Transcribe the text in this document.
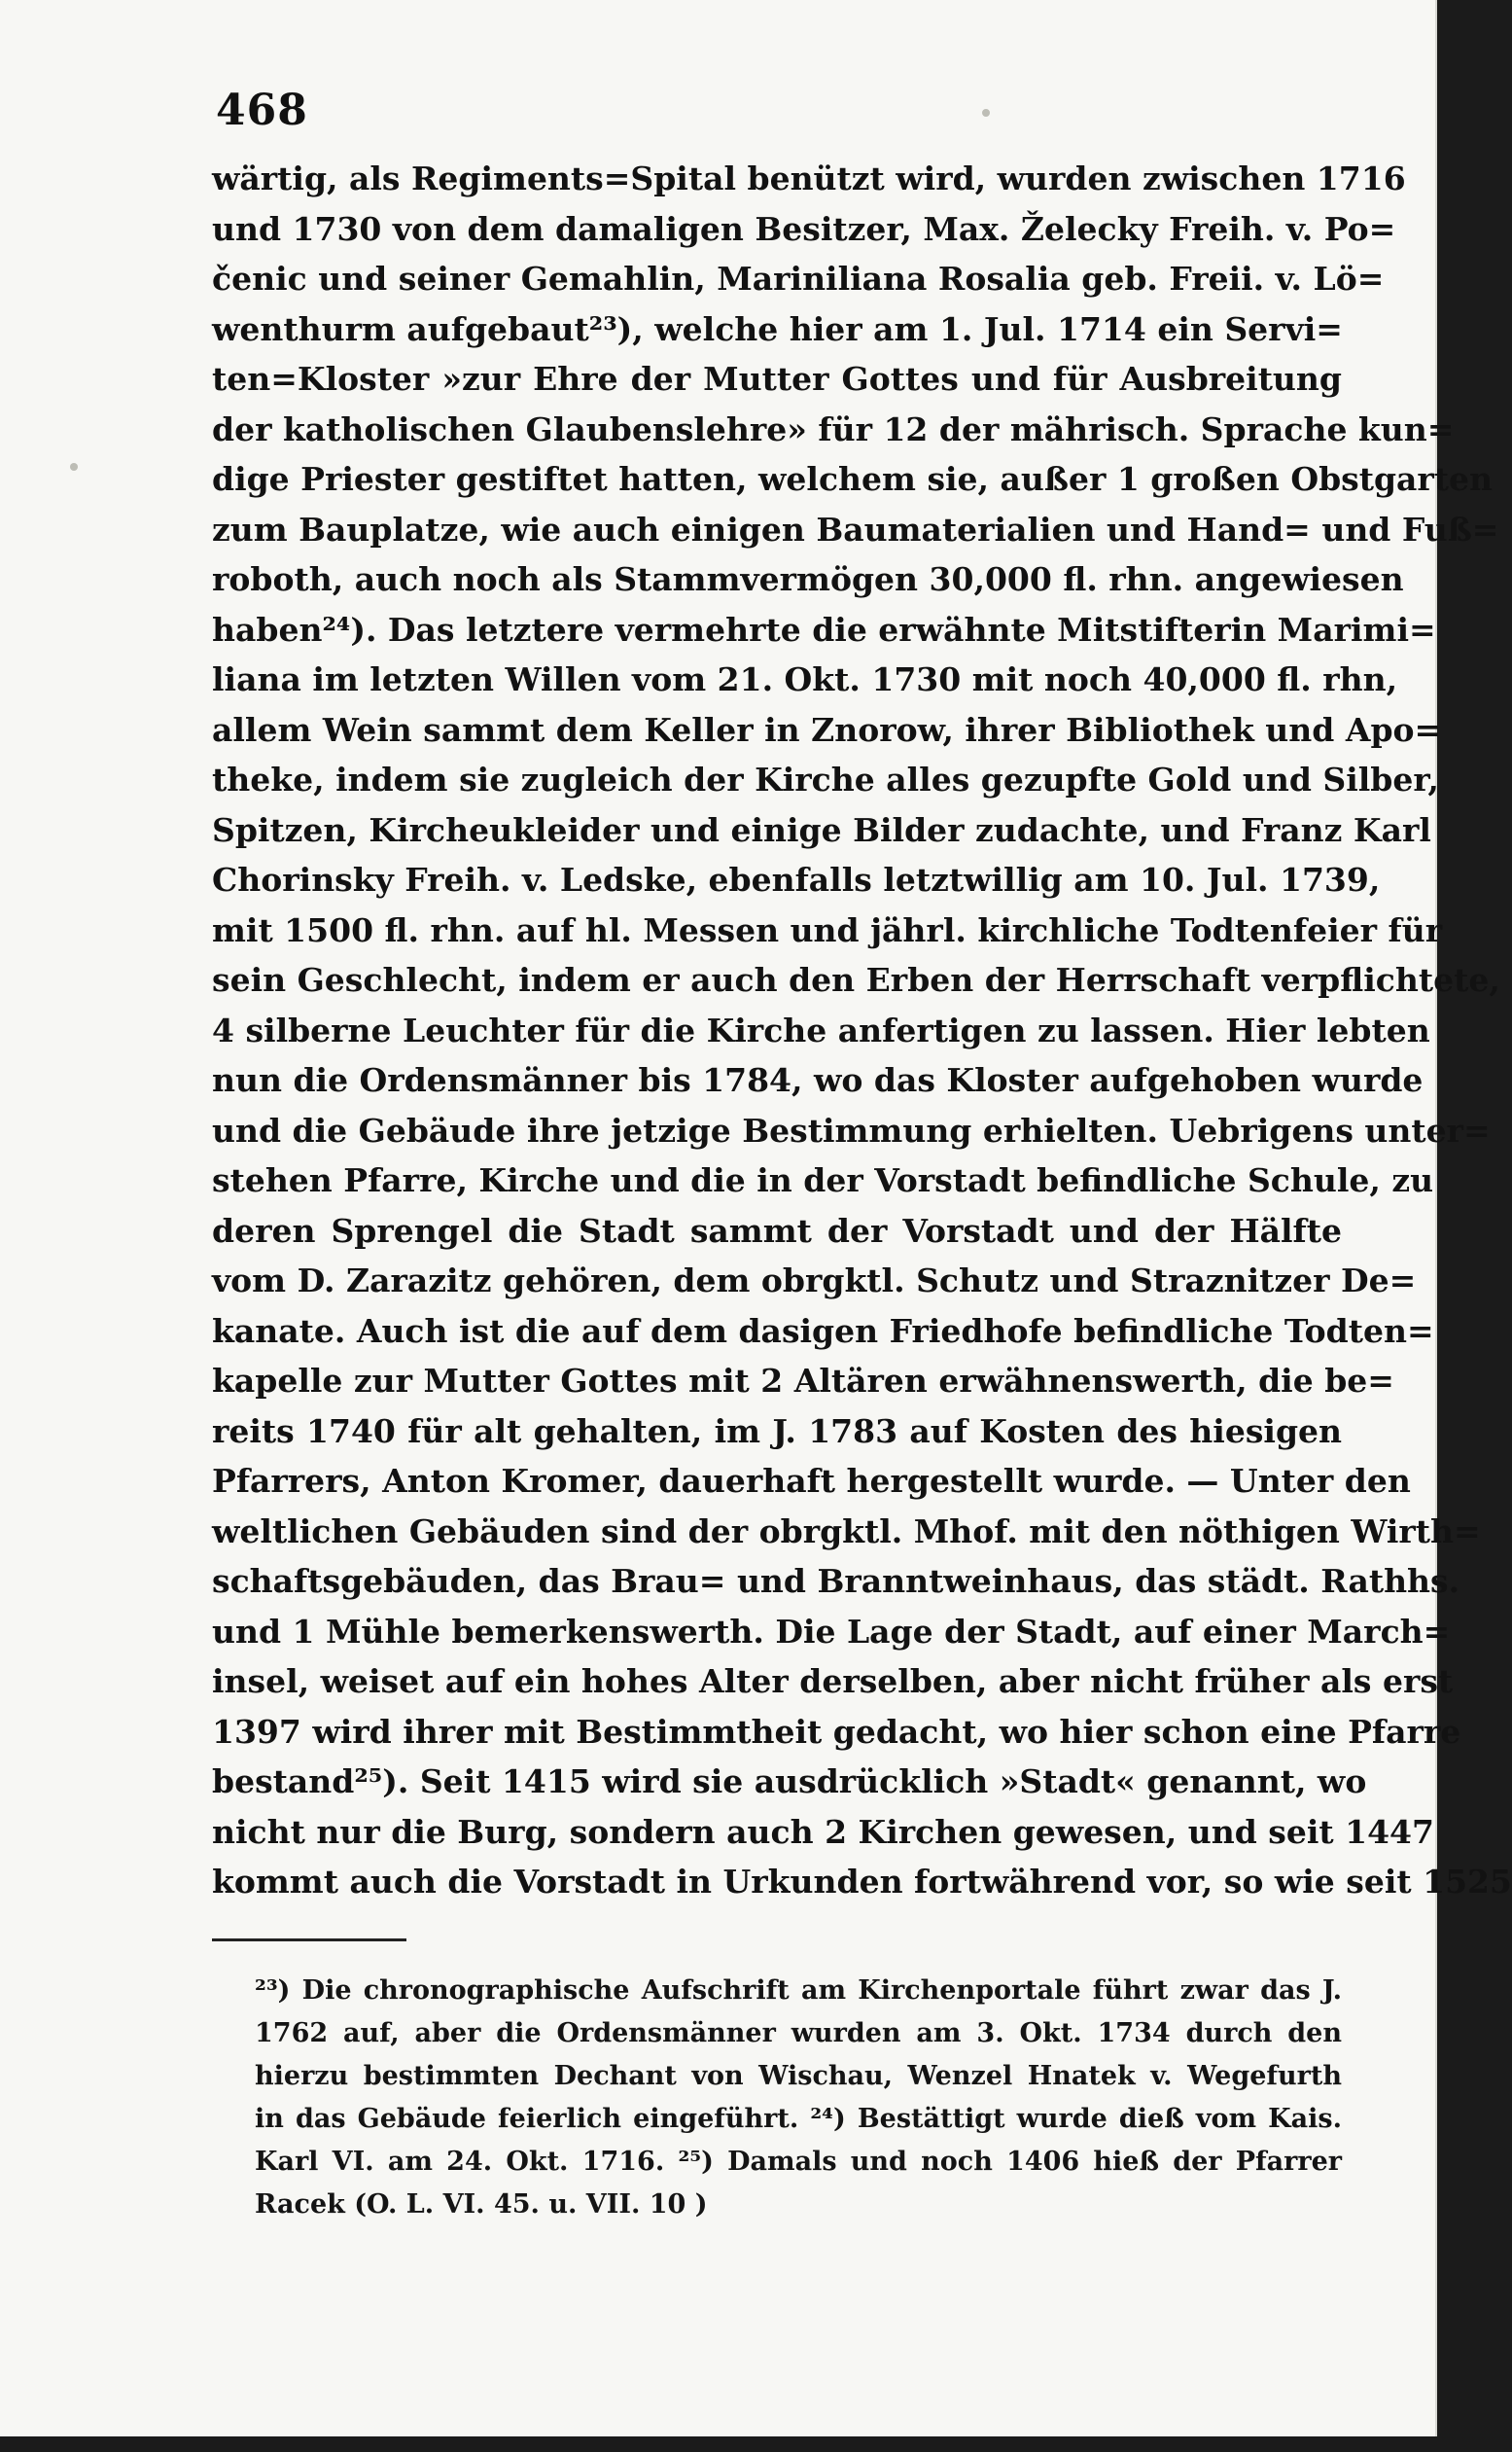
468
wärtig, als Regiments=Spital benützt wird, wurden zwischen 1716
und 1730 von dem damaligen Besitzer, Max. Želecky Freih. v. Po=
čenic und seiner Gemahlin, Mariniliana Rosalia geb. Freii. v. Lö=
wenthurm aufgebaut²³), welche hier am 1. Jul. 1714 ein Servi=
ten=Kloster »zur Ehre der Mutter Gottes und für Ausbreitung
der katholischen Glaubenslehre» für 12 der mährisch. Sprache kun=
dige Priester gestiftet hatten, welchem sie, außer 1 großen Obstgarten
zum Bauplatze, wie auch einigen Baumaterialien und Hand= und Fuß=
roboth, auch noch als Stammvermögen 30,000 fl. rhn. angewiesen
haben²⁴). Das letztere vermehrte die erwähnte Mitstifterin Marimi=
liana im letzten Willen vom 21. Okt. 1730 mit noch 40,000 fl. rhn,
allem Wein sammt dem Keller in Znorow, ihrer Bibliothek und Apo=
theke, indem sie zugleich der Kirche alles gezupfte Gold und Silber,
Spitzen, Kircheukleider und einige Bilder zudachte, und Franz Karl
Chorinsky Freih. v. Ledske, ebenfalls letztwillig am 10. Jul. 1739,
mit 1500 fl. rhn. auf hl. Messen und jährl. kirchliche Todtenfeier für
sein Geschlecht, indem er auch den Erben der Herrschaft verpflichtete,
4 silberne Leuchter für die Kirche anfertigen zu lassen. Hier lebten
nun die Ordensmänner bis 1784, wo das Kloster aufgehoben wurde
und die Gebäude ihre jetzige Bestimmung erhielten. Uebrigens unter=
stehen Pfarre, Kirche und die in der Vorstadt befindliche Schule, zu
deren Sprengel die Stadt sammt der Vorstadt und der Hälfte
vom D. Zarazitz gehören, dem obrgktl. Schutz und Straznitzer De=
kanate. Auch ist die auf dem dasigen Friedhofe befindliche Todten=
kapelle zur Mutter Gottes mit 2 Altären erwähnenswerth, die be=
reits 1740 für alt gehalten, im J. 1783 auf Kosten des hiesigen
Pfarrers, Anton Kromer, dauerhaft hergestellt wurde. — Unter den
weltlichen Gebäuden sind der obrgktl. Mhof. mit den nöthigen Wirth=
schaftsgebäuden, das Brau= und Branntweinhaus, das städt. Rathhs.
und 1 Mühle bemerkenswerth. Die Lage der Stadt, auf einer March=
insel, weiset auf ein hohes Alter derselben, aber nicht früher als erst
1397 wird ihrer mit Bestimmtheit gedacht, wo hier schon eine Pfarre
bestand²⁵). Seit 1415 wird sie ausdrücklich »Stadt« genannt, wo
nicht nur die Burg, sondern auch 2 Kirchen gewesen, und seit 1447
kommt auch die Vorstadt in Urkunden fortwährend vor, so wie seit 1525
²³) Die chronographische Aufschrift am Kirchenportale führt zwar das J.
1762 auf, aber die Ordensmänner wurden am 3. Okt. 1734 durch den
hierzu bestimmten Dechant von Wischau, Wenzel Hnatek v. Wegefurth
in das Gebäude feierlich eingeführt. ²⁴) Bestättigt wurde dieß vom Kais.
Karl VI. am 24. Okt. 1716. ²⁵) Damals und noch 1406 hieß der Pfarrer
Racek (O. L. VI. 45. u. VII. 10 )
